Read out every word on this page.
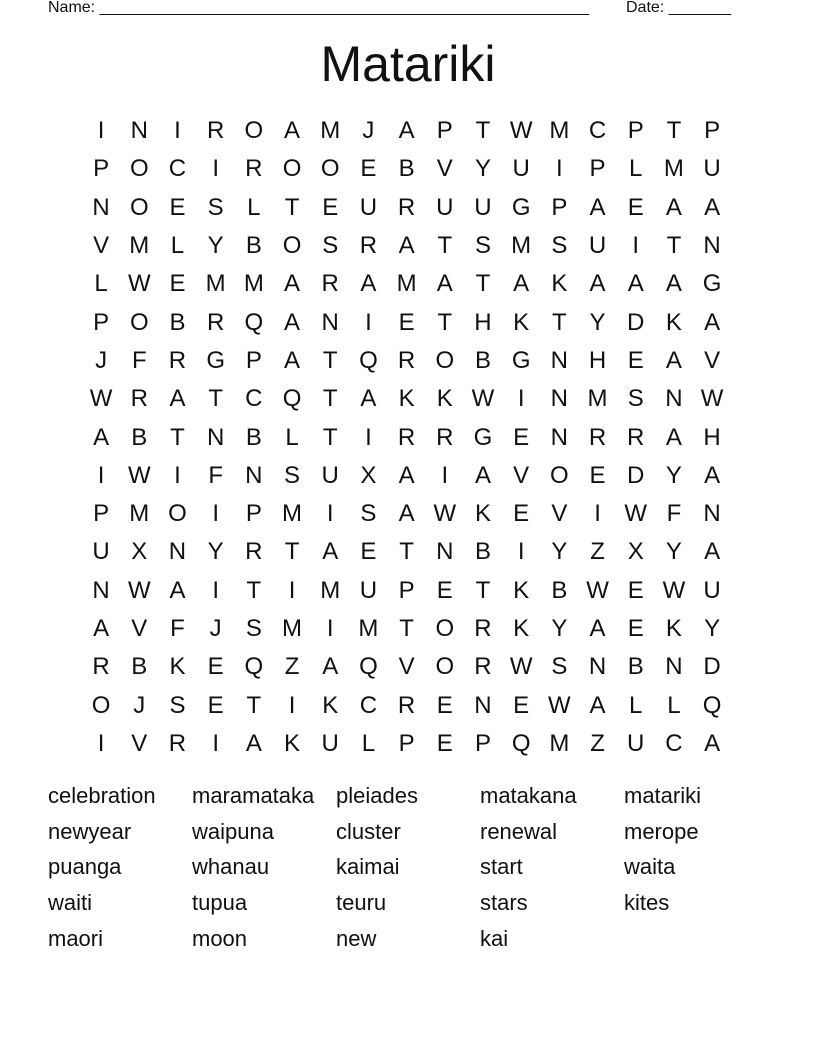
Name: _______________________________________________________ Date: _______
Matariki
I	N	I	R O A M J	A P T W M C P T P
P O C	I	R O O E B V Y U	I	P L M U
N O E S L	T E U R U U G P A E A A
V M L Y B O S R A T S M S U	I	T N
L W E M M A R A M A T A K A A A G
P O B R Q A N	I	E T H K T Y D K A
J	F R G P A T Q R O B G N H E A V
W R A T C Q T A K K W I	N M S N W
A B T N B L	T	I	R R G E N R R A H
I W I	F N S U X A	I	A V O E D Y A
P M O	I	P M	I	S A W K E V	I W F N
U X N Y R T A E T N B	I	Y Z X Y A
N W A	I	T	I	M U P E T K B W E W U
A V F	J	S M	I	M T O R K Y A E K Y
R B K E Q Z A Q V O R W S N B N D
O J	S E T	I	K C R E N E W A L	L Q
I	V R	I	A K U L P E P Q M Z U C A
celebration	maramataka pleiades	matakana	matariki
newyear	waipuna	cluster	renewal	merope
puanga	whanau	kaimai	start	waita
waiti	tupua	teuru	stars	kites
maori	moon	new	kai
